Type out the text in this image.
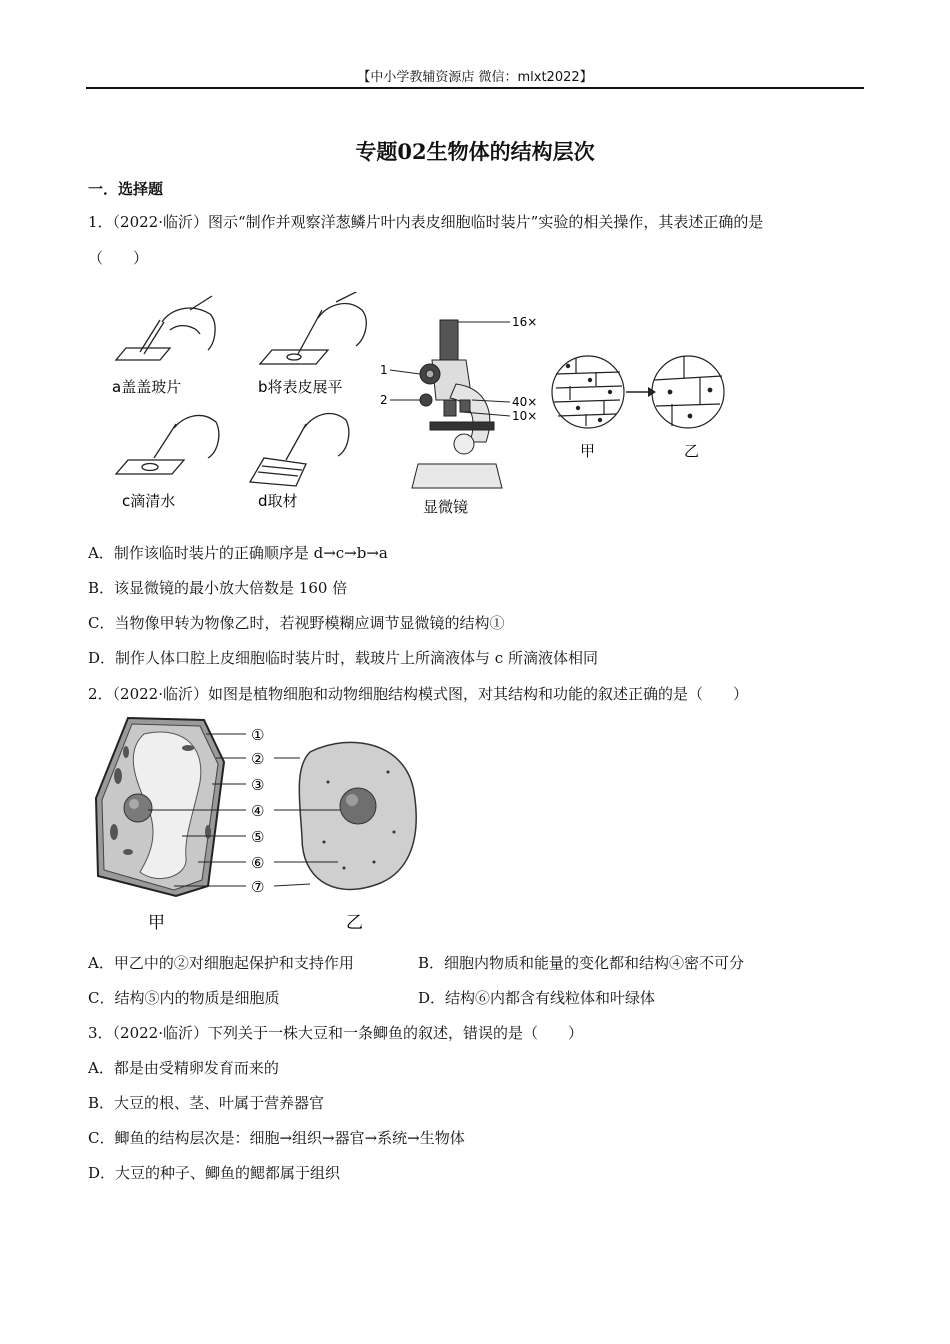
【中小学教辅资源店 微信：mlxt2022】
专题02生物体的结构层次
一．选择题
1．（2022·临沂）图示“制作并观察洋葱鳞片叶内表皮细胞临时装片”实验的相关操作，其表述正确的是
（　　）
a盖盖玻片	b将表皮展平
c滴清水	d取材
16×
40×
10×
1
2
显微镜
甲	乙
A．制作该临时装片的正确顺序是 d→c→b→a
B．该显微镜的最小放大倍数是 160 倍
C．当物像甲转为物像乙时，若视野模糊应调节显微镜的结构①
D．制作人体口腔上皮细胞临时装片时，载玻片上所滴液体与 c 所滴液体相同
2．（2022·临沂）如图是植物细胞和动物细胞结构模式图，对其结构和功能的叙述正确的是（　　）
①
②
③
④
⑤
⑥
⑦
甲	乙
A．甲乙中的②对细胞起保护和支持作用	B．细胞内物质和能量的变化都和结构④密不可分
C．结构⑤内的物质是细胞质	D．结构⑥内都含有线粒体和叶绿体
3．（2022·临沂）下列关于一株大豆和一条鲫鱼的叙述，错误的是（　　）
A．都是由受精卵发育而来的
B．大豆的根、茎、叶属于营养器官
C．鲫鱼的结构层次是：细胞→组织→器官→系统→生物体
D．大豆的种子、鲫鱼的鳃都属于组织
